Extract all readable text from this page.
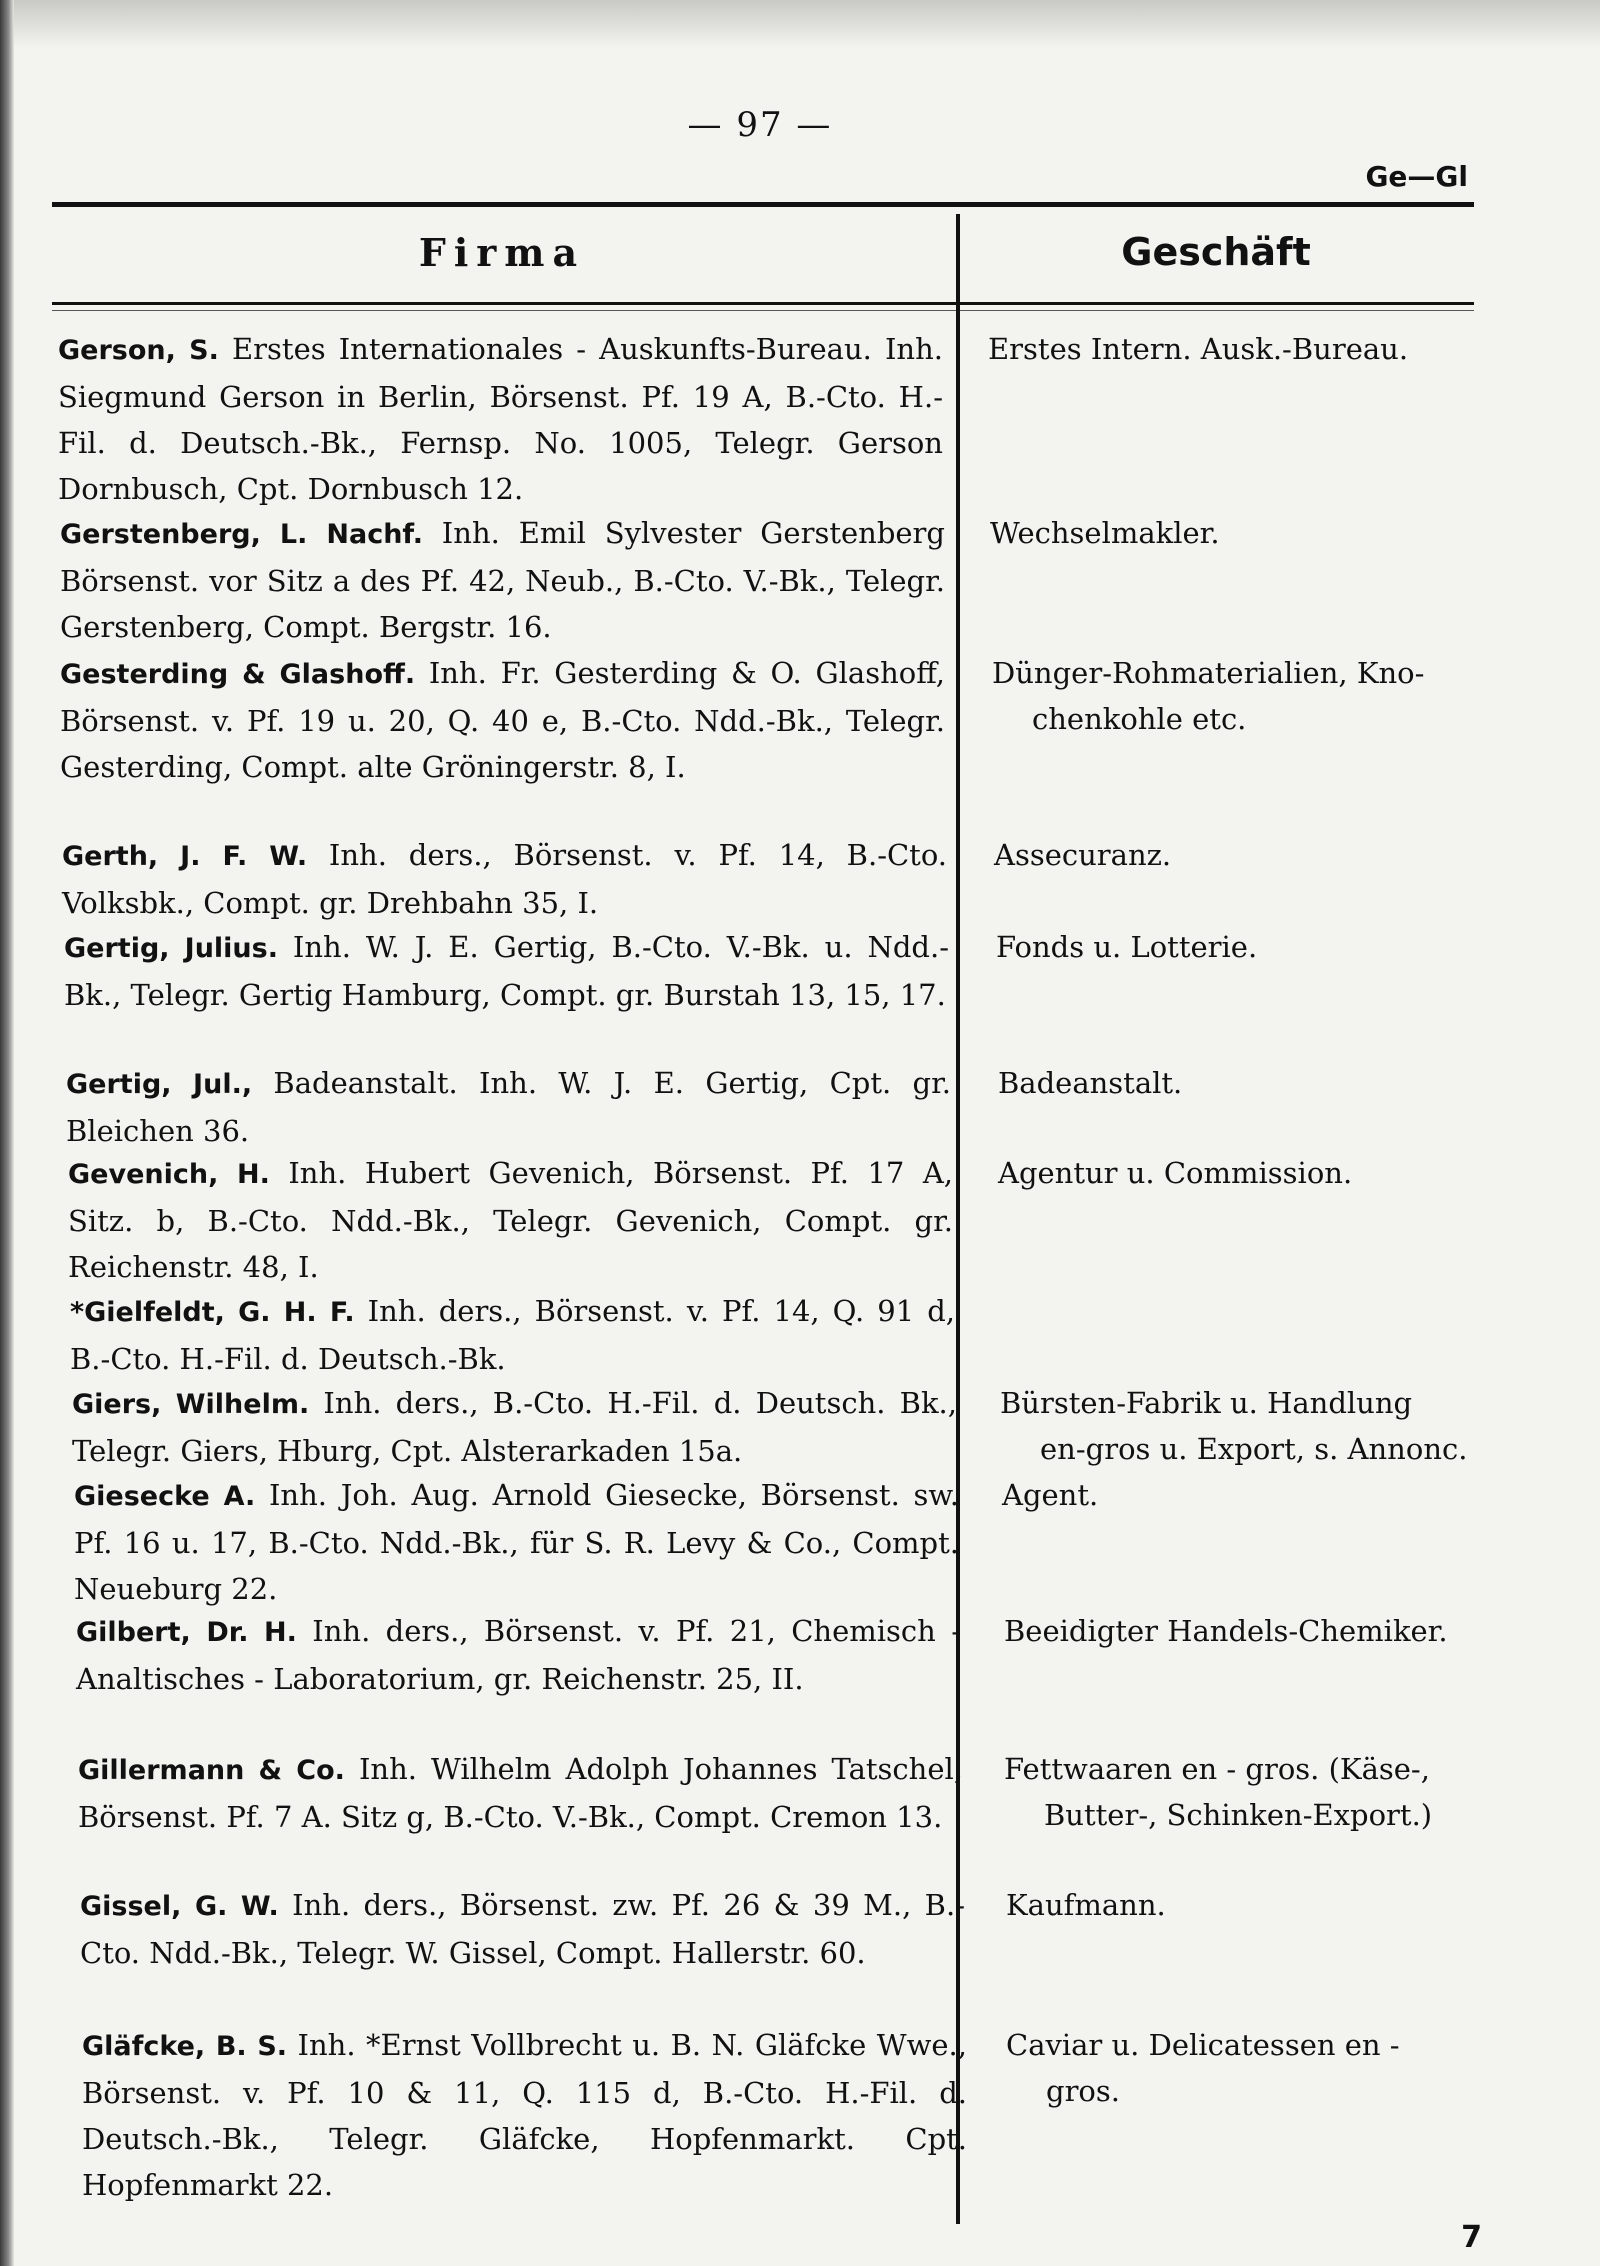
— 97 —
Ge—Gl
Firma	Geschäft
Gerson, S. Erstes Internationales - Auskunfts-Bureau. Inh. Siegmund Gerson in Berlin, Börsenst. Pf. 19 A, B.-Cto. H.-Fil. d. Deutsch.-Bk., Fernsp. No. 1005, Telegr. Gerson Dornbusch, Cpt. Dornbusch 12.
Erstes Intern. Ausk.-Bureau.
Gerstenberg, L. Nachf. Inh. Emil Sylvester Gerstenberg Börsenst. vor Sitz a des Pf. 42, Neub., B.-Cto. V.-Bk., Telegr. Gerstenberg, Compt. Bergstr. 16.
Wechselmakler.
Gesterding & Glashoff. Inh. Fr. Gesterding & O. Glashoff, Börsenst. v. Pf. 19 u. 20, Q. 40 e, B.-Cto. Ndd.-Bk., Telegr. Gesterding, Compt. alte Gröningerstr. 8, I.
Dünger-Rohmaterialien, Kno-
chenkohle etc.
Gerth, J. F. W. Inh. ders., Börsenst. v. Pf. 14, B.-Cto. Volksbk., Compt. gr. Drehbahn 35, I.
Assecuranz.
Gertig, Julius. Inh. W. J. E. Gertig, B.-Cto. V.-Bk. u. Ndd.-Bk., Telegr. Gertig Hamburg, Compt. gr. Burstah 13, 15, 17.
Fonds u. Lotterie.
Gertig, Jul., Badeanstalt. Inh. W. J. E. Gertig, Cpt. gr. Bleichen 36.
Badeanstalt.
Gevenich, H. Inh. Hubert Gevenich, Börsenst. Pf. 17 A, Sitz. b, B.-Cto. Ndd.-Bk., Telegr. Gevenich, Compt. gr. Reichenstr. 48, I.
Agentur u. Commission.
*Gielfeldt, G. H. F. Inh. ders., Börsenst. v. Pf. 14, Q. 91 d, B.-Cto. H.-Fil. d. Deutsch.-Bk.
Giers, Wilhelm. Inh. ders., B.-Cto. H.-Fil. d. Deutsch. Bk., Telegr. Giers, Hburg, Cpt. Alsterarkaden 15a.
Bürsten-Fabrik u. Handlung
en-gros u. Export, s. Annonc.
Giesecke A. Inh. Joh. Aug. Arnold Giesecke, Börsenst. sw. Pf. 16 u. 17, B.-Cto. Ndd.-Bk., für S. R. Levy & Co., Compt. Neueburg 22.
Agent.
Gilbert, Dr. H. Inh. ders., Börsenst. v. Pf. 21, Chemisch - Analtisches - Laboratorium, gr. Reichenstr. 25, II.
Beeidigter Handels-Chemiker.
Gillermann & Co. Inh. Wilhelm Adolph Johannes Tatschel, Börsenst. Pf. 7 A. Sitz g, B.-Cto. V.-Bk., Compt. Cremon 13.
Fettwaaren en - gros. (Käse-,
Butter-, Schinken-Export.)
Gissel, G. W. Inh. ders., Börsenst. zw. Pf. 26 & 39 M., B.-Cto. Ndd.-Bk., Telegr. W. Gissel, Compt. Hallerstr. 60.
Kaufmann.
Gläfcke, B. S. Inh. *Ernst Vollbrecht u. B. N. Gläfcke Wwe., Börsenst. v. Pf. 10 & 11, Q. 115 d, B.-Cto. H.-Fil. d. Deutsch.-Bk., Telegr. Gläfcke, Hopfenmarkt. Cpt. Hopfenmarkt 22.
Caviar u. Delicatessen en -
gros.
7
